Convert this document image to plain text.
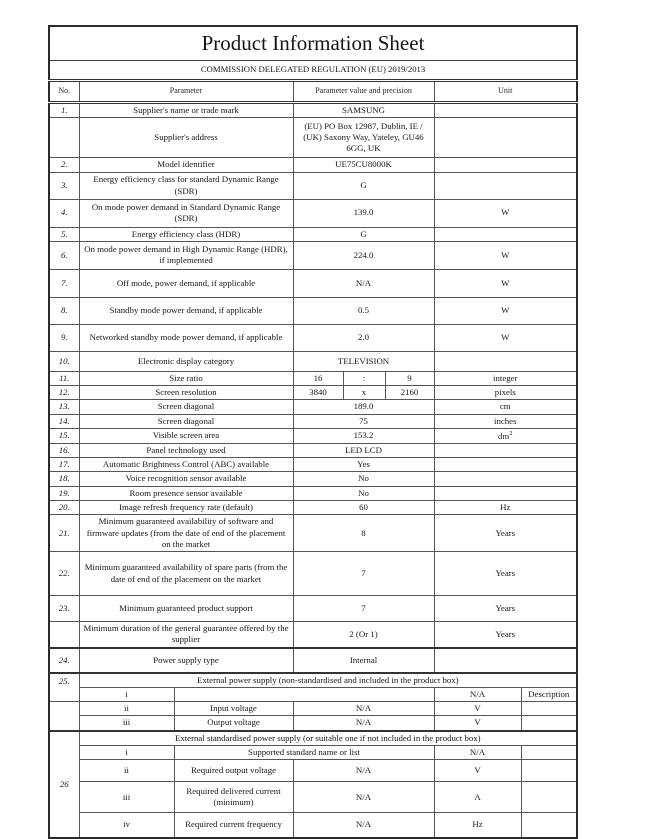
Product Information Sheet							
COMMISSION DELEGATED REGULATION (EU) 2019/2013							
No.	Parameter		Parameter value and precision			Unit	
1.	Supplier's name or trade mark		SAMSUNG				
	Supplier's address		(EU) PO Box 12987, Dublin, IE / (UK) Saxony Way, Yateley, GU46 6GG, UK				
2.	Model identifier		UE75CU8000K				
3.	Energy efficiency class for standard Dynamic Range (SDR)		G				
4.	On mode power demand in Standard Dynamic Range (SDR)		139.0			W	
5.	Energy efficiency class (HDR)		G				
6.	On mode power demand in High Dynamic Range (HDR), if implemented		224.0			W	
7.	Off mode, power demand, if applicable		N/A			W	
8.	Standby mode power demand, if applicable		0.5			W	
9.	Networked standby mode power demand, if applicable		2.0			W	
10.	Electronic display category		TELEVISION				
11.	Size ratio		16	:	9	integer	
12.	Screen resolution		3840	x	2160	pixels	
13.	Screen diagonal		189.0			cm	
14.	Screen diagonal		75			inches	
15.	Visible screen area		153.2			$dm^2$
16.	Panel technology used		LED LCD				
17.	Automatic Brightness Control (ABC) available		Yes				
18.	Voice recognition sensor available		No				
19.	Room presence sensor available		No				
20.	Image refresh frequency rate (default)		60			Hz	
21.	Minimum guaranteed availability of software and firmware updates (from the date of end of the placement on the market		8			Years	
22.	Minimum guaranteed availability of spare parts (from the date of end of the placement on the market		7			Years	
23.	Minimum guaranteed product support		7			Years	
	Minimum duration of the general guarantee offered by the supplier		2 (Or 1)			Years	
24.	Power supply type		Internal				
25.	External power supply (non-standardised and included in the product box)						
	i					N/A	Description
	ii	Input voltage	N/A			V	
	iii	Output voltage	N/A			V	
26	External standardised power supply (or suitable one if not included in the product box)						
	i	Supported standard name or list				N/A	
	ii	Required output voltage	N/A			V	
	iii	Required delivered current (minimum)	N/A			A	
	iv	Required current frequency	N/A			Hz	
